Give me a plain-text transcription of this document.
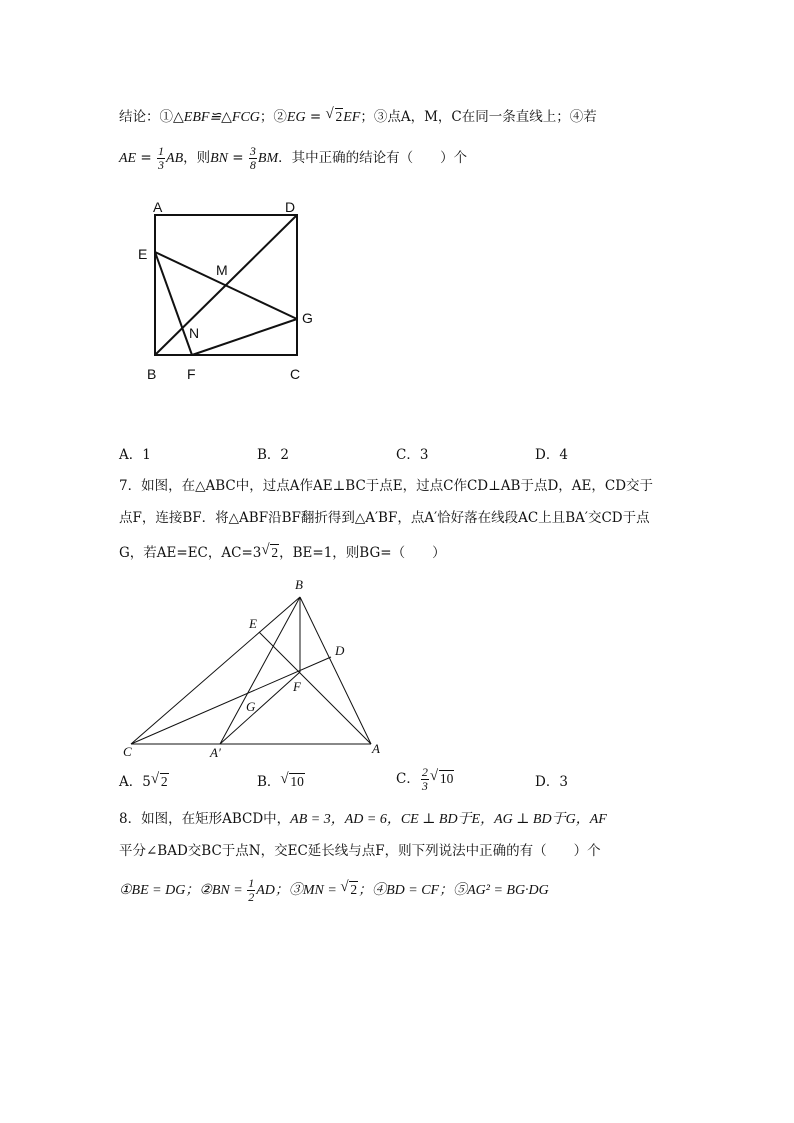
结论：①△EBF≌△FCG；②EG = √ 2EF；③点A，M，C在同一条直线上；④若
AE = $\frac{1}{3}$ AB，则BN = $\frac{3}{8}$ BM．其中正确的结论有（　　）个
A	D
E
M
G
N
B F	C
A．1	B．2	C．3	D．4
7．如图，在△ABC中，过点A作AE⊥BC于点E，过点C作CD⊥AB于点D，AE，CD交于
点F，连接BF．将△ABF沿BF翻折得到△A′BF，点A′恰好落在线段AC上且BA′交CD于点
G，若AE=EC，AC=3 √ 2，BE=1，则BG=（　　）
B
E
D
F
G
C	A′	A
A．5 √ 2	B． √ 10	C． $\frac{2}{3}$ √ 10	D．3
8．如图，在矩形ABCD中，AB = 3，AD = 6，CE ⊥ BD于E，AG ⊥ BD于G，AF
平分∠BAD交BC于点N，交EC延长线与点F，则下列说法中正确的有（　　）个
①BE = DG；②BN = $\frac{1}{2}$ AD；③MN = √ 2；④BD = CF；⑤AG² = BG·DG
